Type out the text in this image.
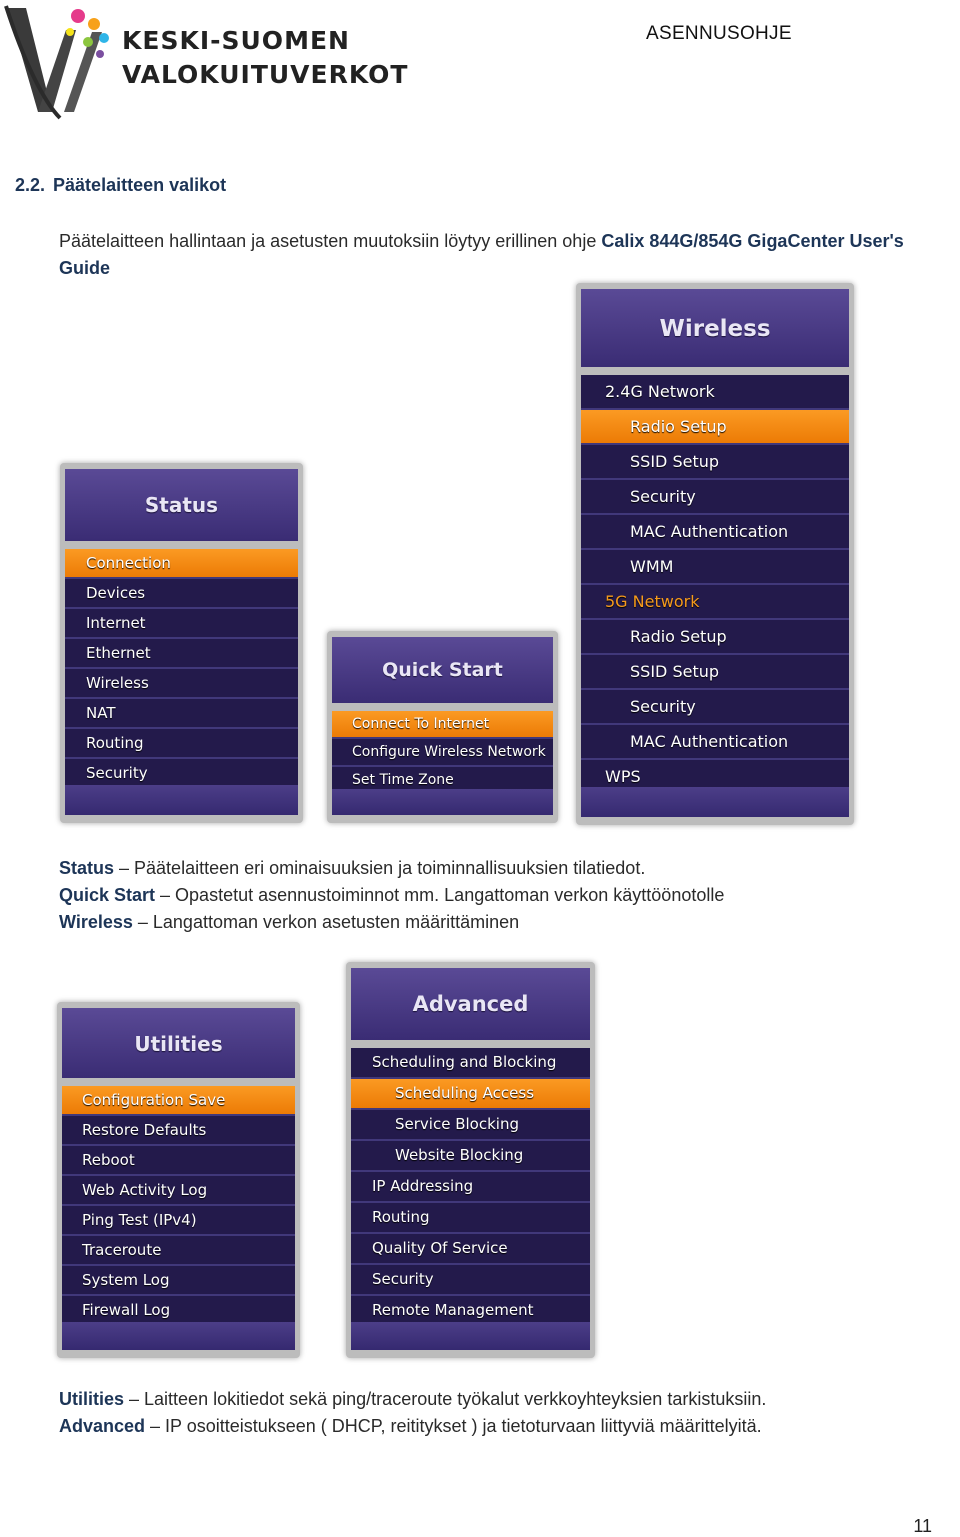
KESKI-SUOMEN
VALOKUITUVERKOT
ASENNUSOHJE
2.2. Päätelaitteen valikot
Päätelaitteen hallintaan ja asetusten muutoksiin löytyy erillinen ohje Calix 844G/854G GigaCenter User's Guide
Status
Connection
Devices
Internet
Ethernet
Wireless
NAT
Routing
Security
Quick Start
Connect To Internet
Configure Wireless Network
Set Time Zone
Wireless
2.4G Network
Radio Setup
SSID Setup
Security
MAC Authentication
WMM
5G Network
Radio Setup
SSID Setup
Security
MAC Authentication
WPS
Status – Päätelaitteen eri ominaisuuksien ja toiminnallisuuksien tilatiedot.
Quick Start – Opastetut asennustoiminnot mm. Langattoman verkon käyttöönotolle
Wireless – Langattoman verkon asetusten määrittäminen
Utilities
Configuration Save
Restore Defaults
Reboot
Web Activity Log
Ping Test (IPv4)
Traceroute
System Log
Firewall Log
Advanced
Scheduling and Blocking
Scheduling Access
Service Blocking
Website Blocking
IP Addressing
Routing
Quality Of Service
Security
Remote Management
Utilities – Laitteen lokitiedot sekä ping/traceroute työkalut verkkoyhteyksien tarkistuksiin.
Advanced – IP osoitteistukseen ( DHCP, reititykset ) ja tietoturvaan liittyviä määrittelyitä.
11
